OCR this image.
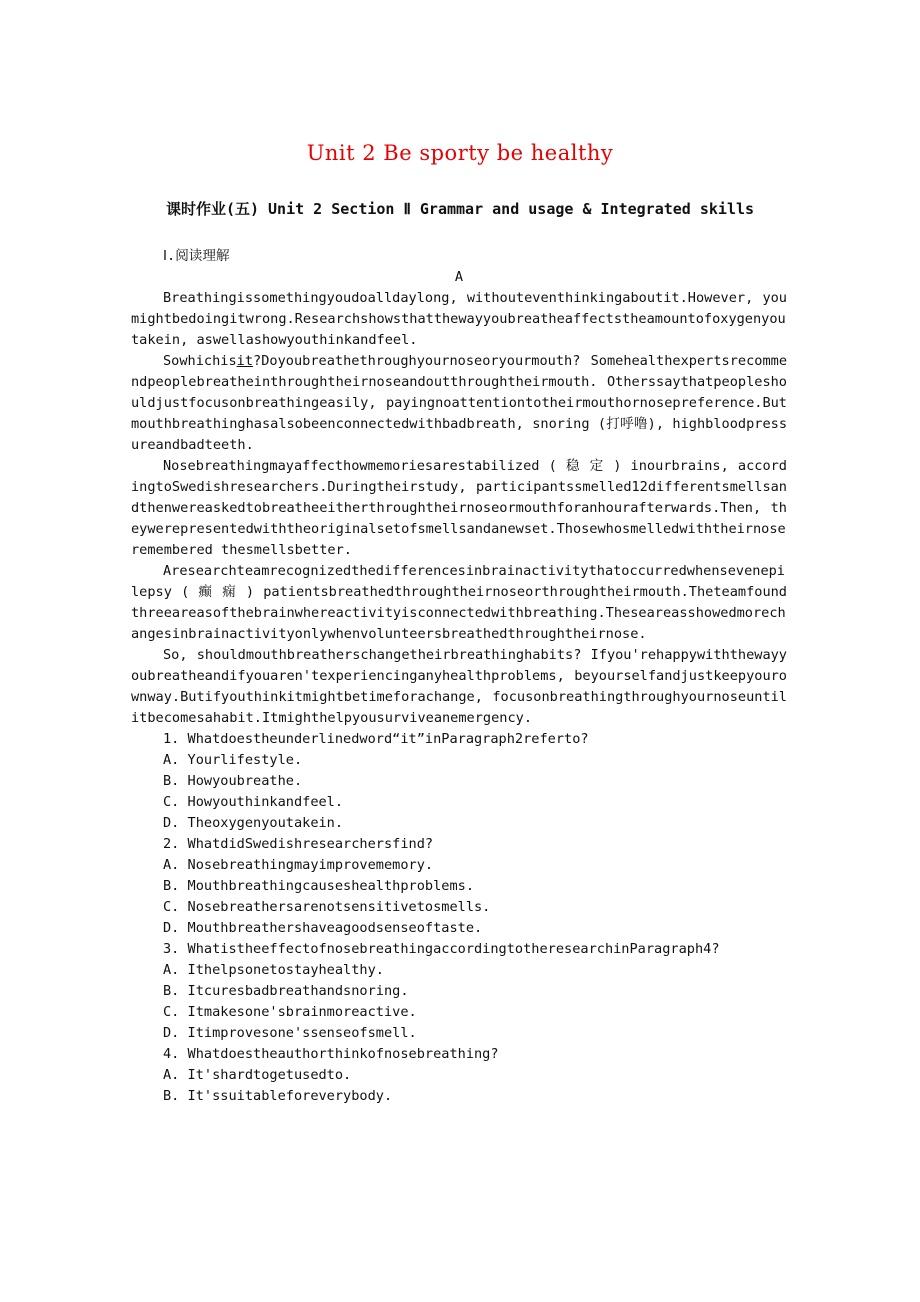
Unit 2 Be sporty be healthy
课时作业(五) Unit 2 Section Ⅱ Grammar and usage & Integrated skills
Ⅰ.阅读理解
A

Breathingissomethingyoudoalldaylong, withouteventhinkingaboutit.However, youmightbedoingitwrong.Researchshowsthatthewayyoubreatheaffectstheamountofoxygenyoutakein, aswellashowyouthinkandfeel.

Sowhichisit?Doyoubreathethroughyournoseoryourmouth? Somehealthexpertsrecommendpeoplebreatheinthroughtheirnoseandoutthroughtheirmouth. Otherssaythatpeopleshouldjustfocusonbreathingeasily, payingnoattentiontotheirmouthornosepreference.Butmouthbreathinghasalsobeenconnectedwithbadbreath, snoring (打呼噜), highbloodpressureandbadteeth.

Nosebreathingmayaffecthowmemoriesarestabilized ( 稳 定 ) inourbrains, accordingtoSwedishresearchers.Duringtheirstudy, participantssmelled12differentsmellsandthenwereaskedtobreatheeitherthroughtheirnoseormouthforanhourafterwards.Then, theywerepresentedwiththeoriginalsetofsmellsandanewset.Thosewhosmelledwiththeirnoseremembered thesmellsbetter.

Aresearchteamrecognizedthedifferencesinbrainactivitythatoccurredwhensevenepilepsy ( 癫 痫 ) patientsbreathedthroughtheirnoseorthroughtheirmouth.Theteamfoundthreeareasofthebrainwhereactivityisconnectedwithbreathing.Theseareasshowedmorechangesinbrainactivityonlywhenvolunteersbreathedthroughtheirnose.

So, shouldmouthbreatherschangetheirbreathinghabits? Ifyou'rehappywiththewayyoubreatheandifyouaren'texperiencinganyhealthproblems, beyourselfandjustkeepyourownway.Butifyouthinkitmightbetimeforachange, focusonbreathingthroughyournoseuntilitbecomesahabit.Itmighthelpyousurviveanemergency.

1. Whatdoestheunderlinedword“it”inParagraph2referto?
A. Yourlifestyle.
B. Howyoubreathe.
C. Howyouthinkandfeel.
D. Theoxygenyoutakein.
2. WhatdidSwedishresearchersfind?
A. Nosebreathingmayimprovememory.
B. Mouthbreathingcauseshealthproblems.
C. Nosebreathersarenotsensitivetosmells.
D. Mouthbreathershaveagoodsenseoftaste.
3. WhatistheeffectofnosebreathingaccordingtotheresearchinParagraph4?
A. Ithelpsonetostayhealthy.
B. Itcuresbadbreathandsnoring.
C. Itmakesone'sbrainmoreactive.
D. Itimprovesone'ssenseofsmell.
4. Whatdoestheauthorthinkofnosebreathing?
A. It'shardtogetusedto.
B. It'ssuitableforeverybody.
